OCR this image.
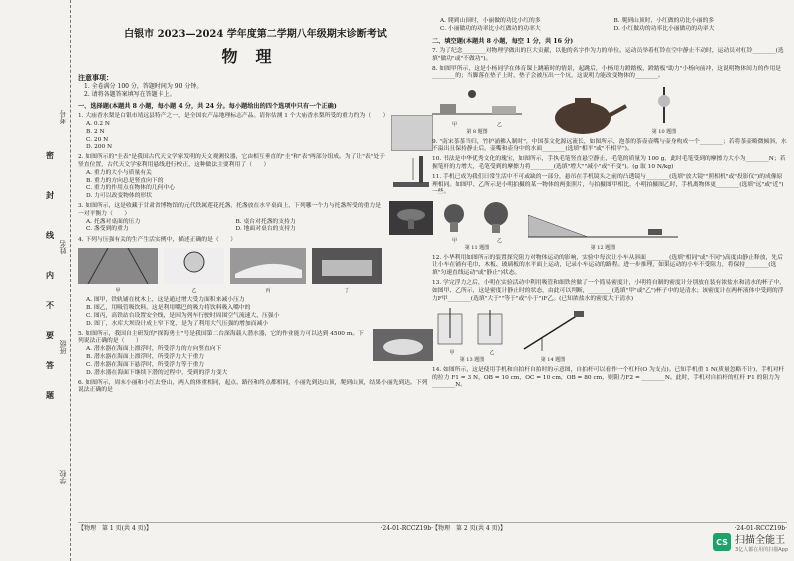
考号
姓名
班级
学校
密
封
线
内
不
要
答
题
白银市 2023—2024 学年度第二学期八年级期末诊断考试
物理
注意事项：
1. 全卷满分 100 分，答题时间为 90 分钟。
2. 请将各题答案填写在答题卡上。
一、选择题(本题共 8 小题，每小题 4 分，共 24 分。每小题给出的四个选项中只有一个正确)
1. 大庙香水梨是白银市靖远县特产之一，是全国农产品地理标志产品。请你估测 1 个大庙香水梨所受的重力约为（　　）
A. 0.2 N
B. 2 N
C. 20 N
D. 200 N
2. 如图所示的"圭表"是我国古代天文学家发明的天文观测仪器，它由相互垂直的"圭"和"表"两部分组成。为了让"表"处于竖直位置，古代天文学家利用悬线进行校正，这种做法主要利用了（　　）
A. 重力的大小与质量有关
B. 重力的方向总是竖直向下的
C. 重力的作用点在物体的几何中心
D. 力可以改变物体的形状
3. 如图所示，这是收藏于甘肃省博物馆的元代铁属莲花托盏，托盏放在水平桌面上，下列哪一个力与托盏所受的重力是一对平衡力（　　）
A. 托盏对桌面的压力	B. 桌台对托盏的支持力
C. 盏受到的重力	D. 地面对桌台的支持力
4. 下列与压强有关的生产生活实例中，描述正确的是（　　）
甲	乙	丙	丁
A. 图甲，铁轨铺在枕木上，这是通过增大受力面积来减小压力
B. 图乙，用吸管吸饮料，这是利用嘴巴的吸力将饮料吸入嘴中的
C. 图丙，高铁站台设置安全线，是因为列车行驶时周围空气流速大、压强小
D. 图丁，水库大坝设计成上窄下宽，是为了利用大气压强的增加而减小
5. 如图所示，我国自主研发的"探海勇士"号是我国第二台深海载人潜水器，它的作业能力可以达到 4500 m。下列说法正确的是（　　）
A. 潜水器在海面上漂浮时，所受浮力的方向竖直向下
B. 潜水器在海面上漂浮时，所受浮力大于重力
C. 潜水器在海面下悬浮时，所受浮力等于重力
D. 潜水器在海面下继续下潜的过程中，受到的浮力变大
6. 如图所示，周末小丽和小红去登山，两人的体重相同，起点、路径和终点都相同，小丽先到达山顶，爬到山顶，结果小丽先到达。下列说法正确的是
【物理　第 1 页(共 4 页)】	·24-01-RCCZ19b·
A. 爬到山顶时，小丽做的功比小红的多	B. 爬到山顶时，小红做的功比小丽的多
C. 小丽做功的功率比小红做功的功率大	D. 小红做功的功率比小丽做功的功率大
二、填空题(本题共 8 小题，每空 1 分，共 16 分)
7. 为了纪念________对物理学做出的巨大贡献，以他的名字作为力的单位。运动员举着杠铃在空中静止不动时，运动员对杠铃________(选填"做功"或"不做功")。
8. 如图甲所示，这是小杨同学在体育课上跳箱时的情景，起跳后，小杨用力蹬踏板，蹬踏板"助力"小杨向前冲，这说明物体间力的作用是________的；当脚落在垫子上时，垫子会被压出一个坑，这说明力能改变物体的________。
甲	乙
第 8 题图	第 10 题图
9. "南宋茶茶当归，竹护涌佛入制时"，中国茶文化源远流长，如图所示，泡茶的茶壶壶嘴与壶身构成一个________；若将茶壶略微倾斜，水不溢出且保持静止后，壶嘴和壶身中的水面________(选填"相平"或"不相平")。
10. 书法是中华优秀文化的瑰宝，如图所示，手执毛笔竖直悬空静止，毛笔的质量为 100 g，此时毛笔受到的摩擦力大小为________N；若握笔杆的力增大，毛笔受到的摩擦力将________(选填"增大""减小"或"不变")。(g 取 10 N/kg)
11. 手机已成为我们日常生活中不可或缺的一部分，悬吊在手机镜头之前的凸透镜与________(选填"放大镜""照相机"或"投影仪")的成像原理相同。如图甲、乙所示是小明拍摄的某一物体的两张照片，与拍摄图甲相比，小明拍摄图乙时，手机离物体更________(选填"远"或"近")一些。
甲	乙
第 11 题图	第 12 题图
12. 小华利用如图所示的装置探究阻力对物体运动的影响，实验中每次让小车从斜面________(选填"相同"或"不同")高度由静止释放，先后让小车在铺有毛巾、木板、玻璃板的水平面上运动，记录小车运动的路程。进一步推理，如果运动的小车不受阻力，将保持________(选填"匀速直线运动"或"静止")状态。
13. 学完浮力之后，小明在实验活动中利用吸管和细铁丝做了一个简易密度计，小明将自制的密度计分别放在装有浓盐水和清水的杯子中，如图甲、乙所示，这是密度计静止时的状态，由此可以判断，________(选填"甲"或"乙")杯子中的是清水；该密度计在两杯液体中受到的浮力F甲________(选填"大于""等于"或"小于")F乙。(已知浓盐水的密度大于清水)
甲	乙
第 13 题图	第 14 题图
14. 如图所示，这是使用手机和自拍杆自拍时的示意图，自拍杆可以看作一个杠杆(O 为支点)。已知手机重 1 N(质量忽略不计)，手机对杆的拉力 F1 = 3 N，OB = 10 cm，OC = 10 cm，OB = 80 cm，则阻力F2 = ________N。此时，手机对自拍杆的杠杆 F1 的阻力为________N。
【物理　第 2 页(共 4 页)】	·24-01-RCCZ19b·
CS 扫描全能王
3亿人都在用的扫描App
